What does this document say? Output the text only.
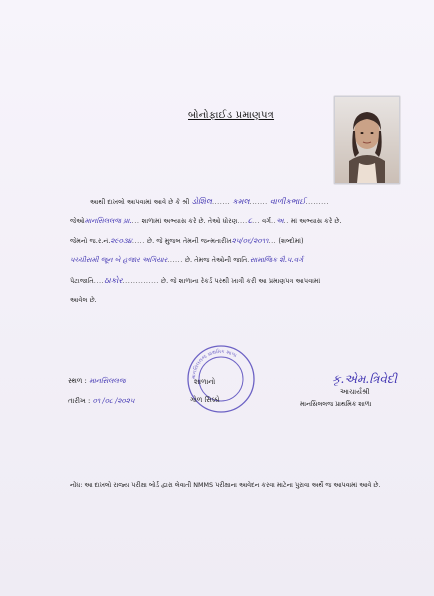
બોનોફાઈડ પ્રમાણપત્ર
આથી દાખલો આપવામાં આવે છે કે શ્રી ડોશિલ....... કમલ....... વાળીકભાઈ.........
જેઓમાનસિલલજ પ્રા.... શાળામાં અભ્યાસ કરે છે. તેઓ ધોરણ....૮... વર્ગ..અ.. માં અભ્યાસ કરે છે.
જેમનો જ.ર.નં.૨૯૦૩૪..... છે. જે મુજબ તેમની જન્મતારીખ૨૫/૦૬/૨૦૧૧... (શબ્દોમાં)
પચ્ચીસમી જૂન બે હજાર અગિયાર...... છે. તેમજ તેઓની જાતિ.સામાજિક શૈ.પ.વર્ગ
પેટાજાતિ....ઠાકોર.............. છે. જે શાળાના રેકર્ડ પરથી ખાત્રી કરી આ પ્રમાણપત્ર આપવામાં
આવેલ છે.
સ્થળ : માનસિલલજ
તારીખ : ૦૧ /૦૮ /૨૦૨૫
માનસિલલજ પ્રાથમિક શાળા
શાળાનો
ગોળ સિક્કો
કૃ.એમ.ત્રિવેદી
આચાર્યશ્રી
માનસિલલજ પ્રાથમિક શાળા
નોંધ: આ દાખલો રાજ્ય પરીક્ષા બોર્ડ દ્વારા લેવાતી NMMS પરીક્ષાના આવેદન કરવા માટેના પુરાવા અર્થે જ આપવામાં આવે છે.
